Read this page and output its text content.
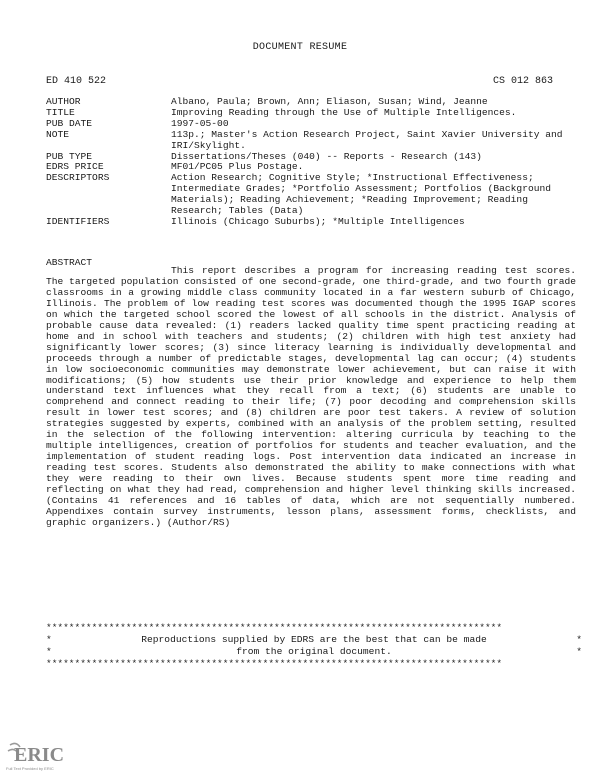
DOCUMENT RESUME
ED 410 522	CS 012 863
AUTHOR	Albano, Paula; Brown, Ann; Eliason, Susan; Wind, Jeanne
TITLE	Improving Reading through the Use of Multiple Intelligences.
PUB DATE	1997-05-00
NOTE	113p.; Master's Action Research Project, Saint Xavier University and IRI/Skylight.
PUB TYPE	Dissertations/Theses (040) -- Reports - Research (143)
EDRS PRICE	MF01/PC05 Plus Postage.
DESCRIPTORS	Action Research; Cognitive Style; *Instructional Effectiveness; Intermediate Grades; *Portfolio Assessment; Portfolios (Background Materials); Reading Achievement; *Reading Improvement; Reading Research; Tables (Data)
IDENTIFIERS	Illinois (Chicago Suburbs); *Multiple Intelligences
ABSTRACT
This report describes a program for increasing reading test scores. The targeted population consisted of one second-grade, one third-grade, and two fourth grade classrooms in a growing middle class community located in a far western suburb of Chicago, Illinois. The problem of low reading test scores was documented though the 1995 IGAP scores on which the targeted school scored the lowest of all schools in the district. Analysis of probable cause data revealed: (1) readers lacked quality time spent practicing reading at home and in school with teachers and students; (2) children with high test anxiety had significantly lower scores; (3) since literacy learning is individually developmental and proceeds through a number of predictable stages, developmental lag can occur; (4) students in low socioeconomic communities may demonstrate lower achievement, but can raise it with modifications; (5) how students use their prior knowledge and experience to help them understand text influences what they recall from a text; (6) students are unable to comprehend and connect reading to their life; (7) poor decoding and comprehension skills result in lower test scores; and (8) children are poor test takers. A review of solution strategies suggested by experts, combined with an analysis of the problem setting, resulted in the selection of the following intervention: altering curricula by teaching to the multiple intelligences, creation of portfolios for students and teacher evaluation, and the implementation of student reading logs. Post intervention data indicated an increase in reading test scores. Students also demonstrated the ability to make connections with what they were reading to their own lives. Because students spent more time reading and reflecting on what they had read, comprehension and higher level thinking skills increased. (Contains 41 references and 16 tables of data, which are not sequentially numbered. Appendixes contain survey instruments, lesson plans, assessment forms, checklists, and graphic organizers.) (Author/RS)
********************************************************************************
*	Reproductions supplied by EDRS are the best that can be made	*
*	from the original document.	*
********************************************************************************
ERIC
Full Text Provided by ERIC
